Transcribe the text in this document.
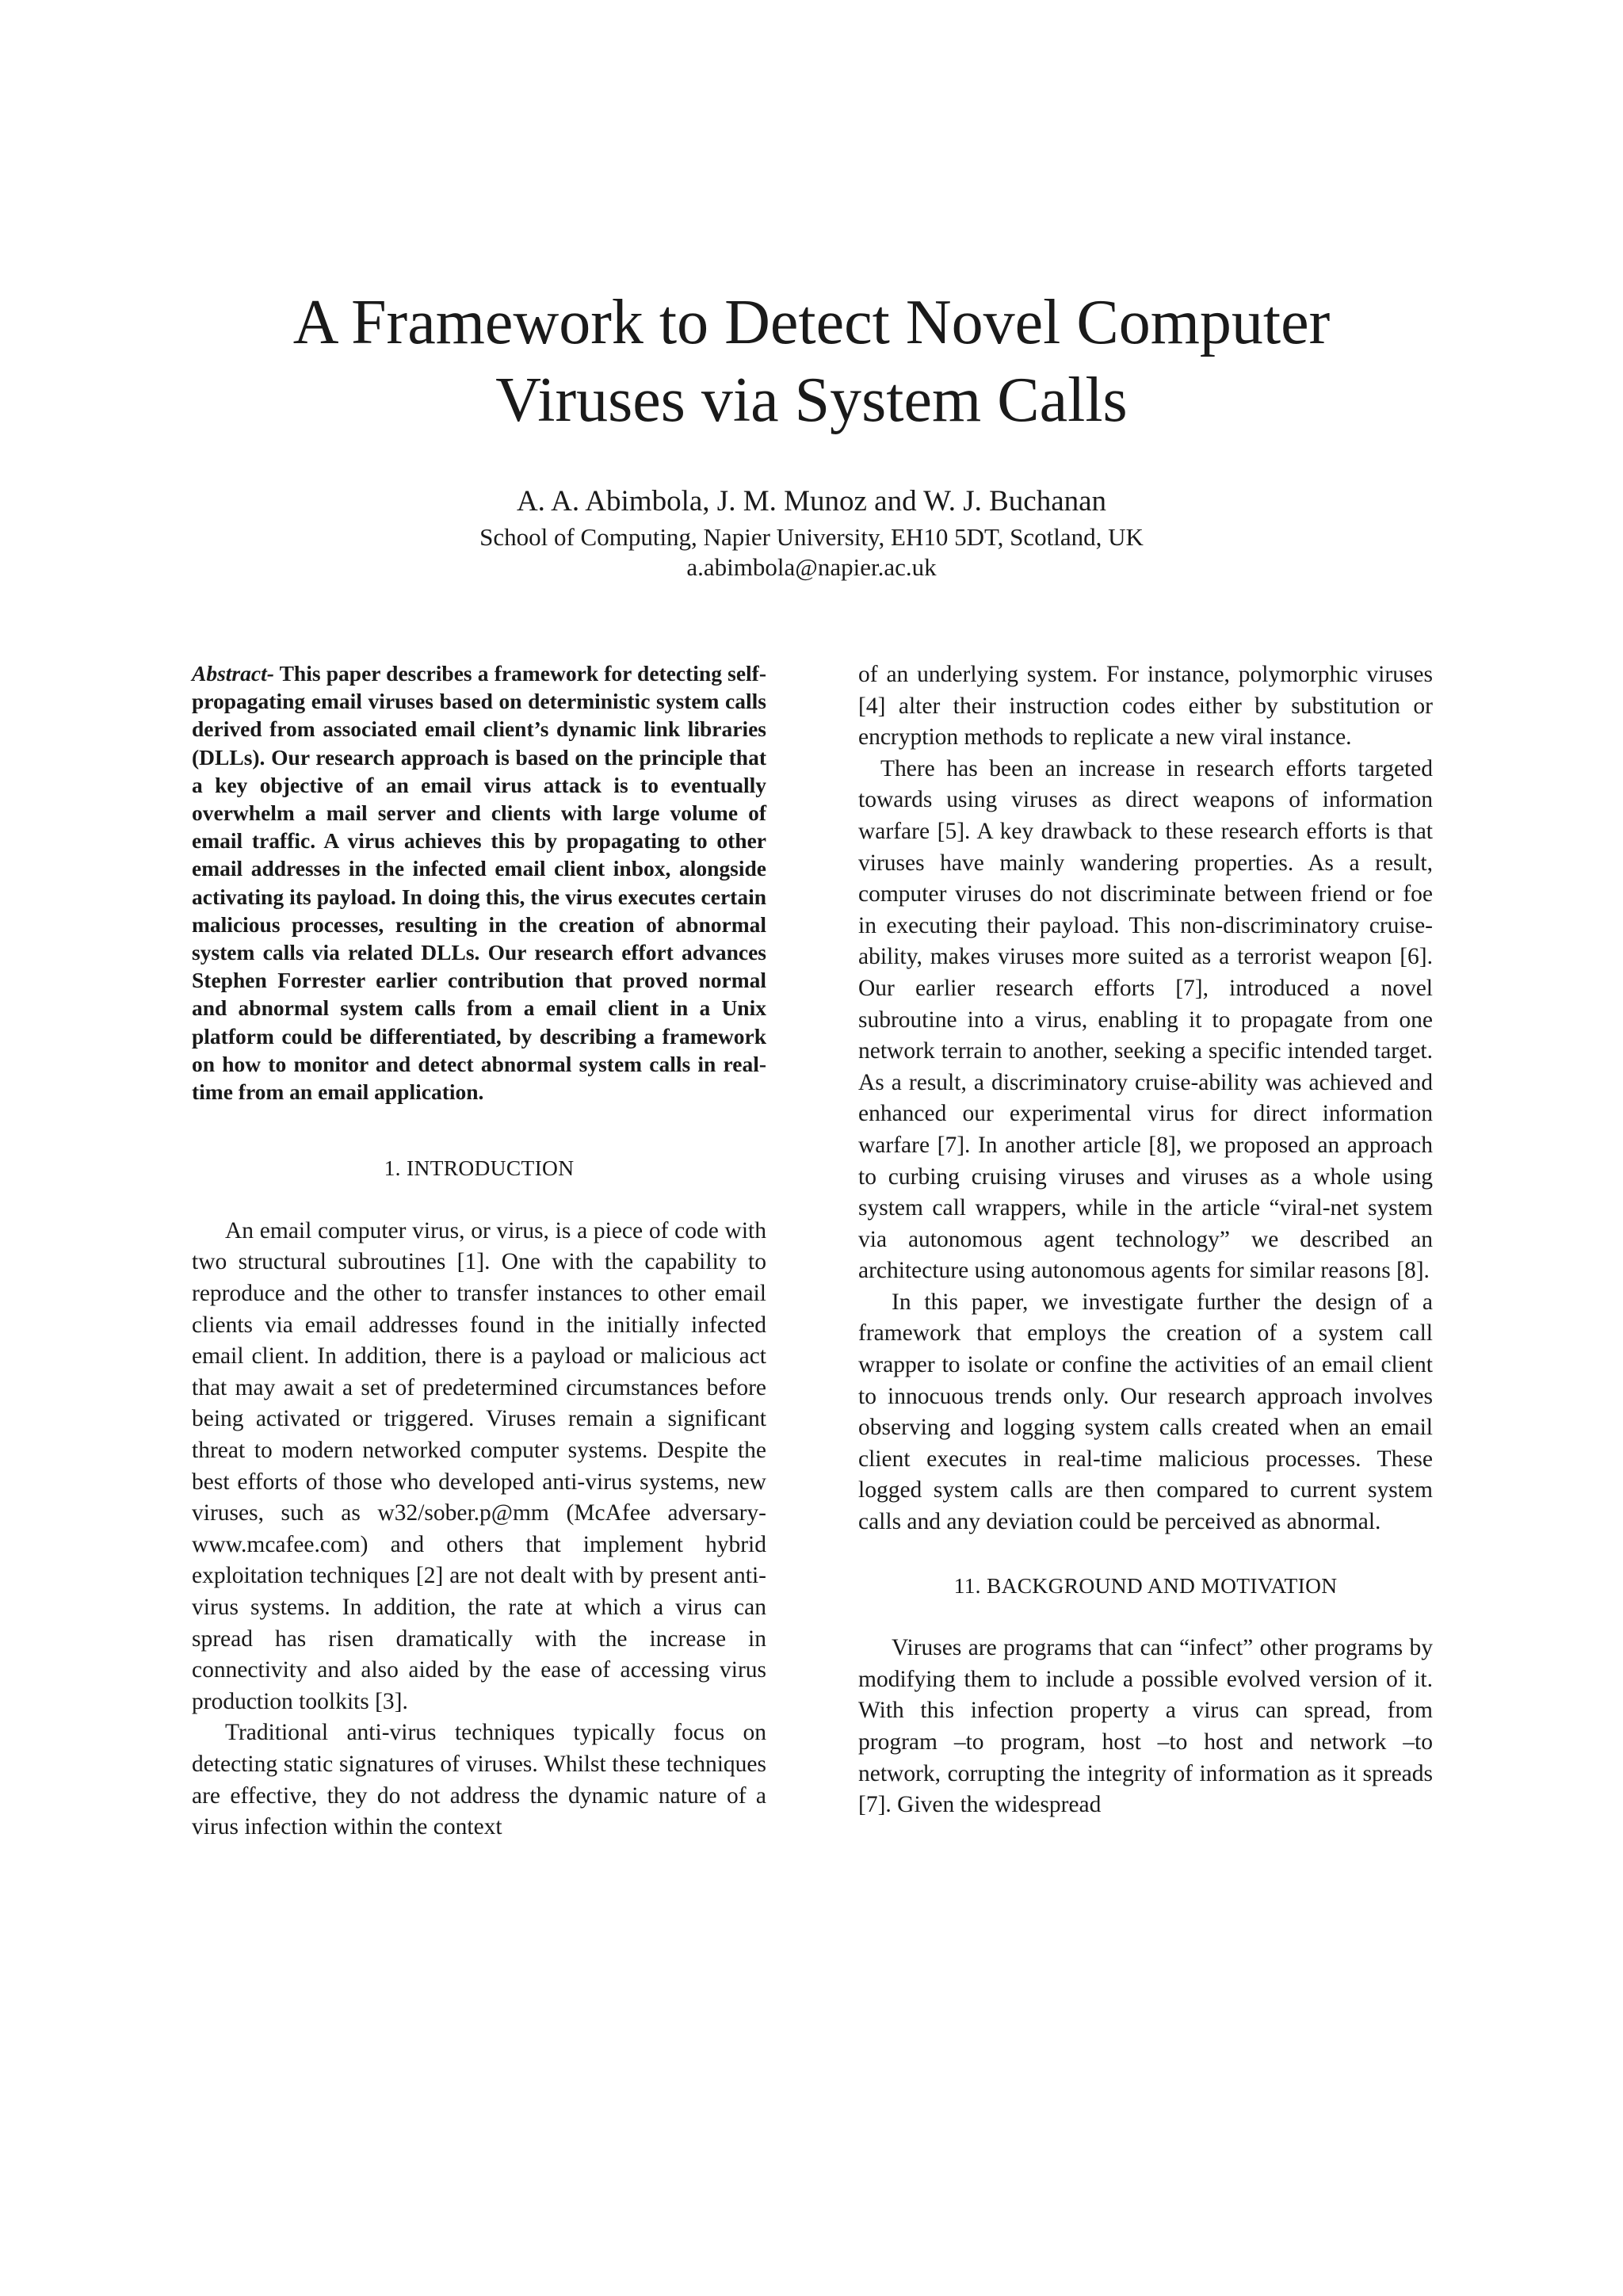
A Framework to Detect Novel Computer
Viruses via System Calls

A. A. Abimbola, J. M. Munoz and W. J. Buchanan

School of Computing, Napier University, EH10 5DT, Scotland, UK

a.abimbola@napier.ac.uk

Abstract- This paper describes a framework for detecting self-propagating email viruses based on deterministic system calls derived from associated email client’s dynamic link libraries (DLLs). Our research approach is based on the principle that a key objective of an email virus attack is to eventually overwhelm a mail server and clients with large volume of email traffic. A virus achieves this by propagating to other email addresses in the infected email client inbox, alongside activating its payload. In doing this, the virus executes certain malicious processes, resulting in the creation of abnormal system calls via related DLLs. Our research effort advances Stephen Forrester earlier contribution that proved normal and abnormal system calls from a email client in a Unix platform could be differentiated, by describing a framework on how to monitor and detect abnormal system calls in real-time from an email application.

1. INTRODUCTION

An email computer virus, or virus, is a piece of code with two structural subroutines [1]. One with the capability to reproduce and the other to transfer instances to other email clients via email addresses found in the initially infected email client. In addition, there is a payload or malicious act that may await a set of predetermined circumstances before being activated or triggered. Viruses remain a significant threat to modern networked computer systems. Despite the best efforts of those who developed anti-virus systems, new viruses, such as w32/sober.p@mm (McAfee adversary-www.mcafee.com) and others that implement hybrid exploitation techniques [2] are not dealt with by present anti-virus systems. In addition, the rate at which a virus can spread has risen dramatically with the increase in connectivity and also aided by the ease of accessing virus production toolkits [3].

Traditional anti-virus techniques typically focus on detecting static signatures of viruses. Whilst these techniques are effective, they do not address the dynamic nature of a virus infection within the context

of an underlying system. For instance, polymorphic viruses [4] alter their instruction codes either by substitution or encryption methods to replicate a new viral instance.

There has been an increase in research efforts targeted towards using viruses as direct weapons of information warfare [5]. A key drawback to these research efforts is that viruses have mainly wandering properties. As a result, computer viruses do not discriminate between friend or foe in executing their payload. This non-discriminatory cruise-ability, makes viruses more suited as a terrorist weapon [6]. Our earlier research efforts [7], introduced a novel subroutine into a virus, enabling it to propagate from one network terrain to another, seeking a specific intended target. As a result, a discriminatory cruise-ability was achieved and enhanced our experimental virus for direct information warfare [7]. In another article [8], we proposed an approach to curbing cruising viruses and viruses as a whole using system call wrappers, while in the article “viral-net system via autonomous agent technology” we described an architecture using autonomous agents for similar reasons [8].

In this paper, we investigate further the design of a framework that employs the creation of a system call wrapper to isolate or confine the activities of an email client to innocuous trends only. Our research approach involves observing and logging system calls created when an email client executes in real-time malicious processes. These logged system calls are then compared to current system calls and any deviation could be perceived as abnormal.

11. BACKGROUND AND MOTIVATION

Viruses are programs that can “infect” other programs by modifying them to include a possible evolved version of it. With this infection property a virus can spread, from program –to program, host –to host and network –to network, corrupting the integrity of information as it spreads [7]. Given the widespread
